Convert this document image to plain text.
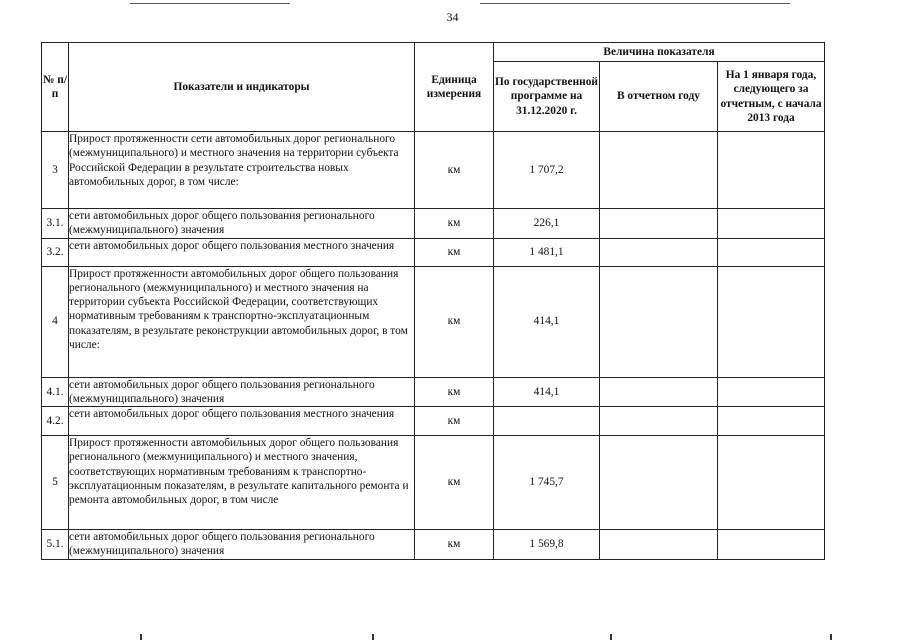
34
№ п/п	Показатели и индикаторы	Единица измерения	Величина показателя		
			По государственной программе на 31.12.2020 г.	В отчетном году	На 1 января года, следующего за отчетным, с начала 2013 года
3	Прирост протяженности сети автомобильных дорог регионального (межмуниципального) и местного значения на территории субъекта Российской Федерации в результате строительства новых автомобильных дорог, в том числе:	км	1 707,2		
3.1.	сети автомобильных дорог общего пользования регионального (межмуниципального) значения	км	226,1		
3.2.	сети автомобильных дорог общего пользования местного значения	км	1 481,1		
4	Прирост протяженности автомобильных дорог общего пользования регионального (межмуниципального) и местного значения на территории субъекта Российской Федерации, соответствующих нормативным требованиям к транспортно-эксплуатационным показателям, в результате реконструкции автомобильных дорог, в том числе:	км	414,1		
4.1.	сети автомобильных дорог общего пользования регионального (межмуниципального) значения	км	414,1		
4.2.	сети автомобильных дорог общего пользования местного значения	км			
5	Прирост протяженности автомобильных дорог общего пользования регионального (межмуниципального) и местного значения, соответствующих нормативным требованиям к транспортно-эксплуатационным показателям, в результате капитального ремонта и ремонта автомобильных дорог, в том числе	км	1 745,7		
5.1.	сети автомобильных дорог общего пользования регионального (межмуниципального) значения	км	1 569,8		
